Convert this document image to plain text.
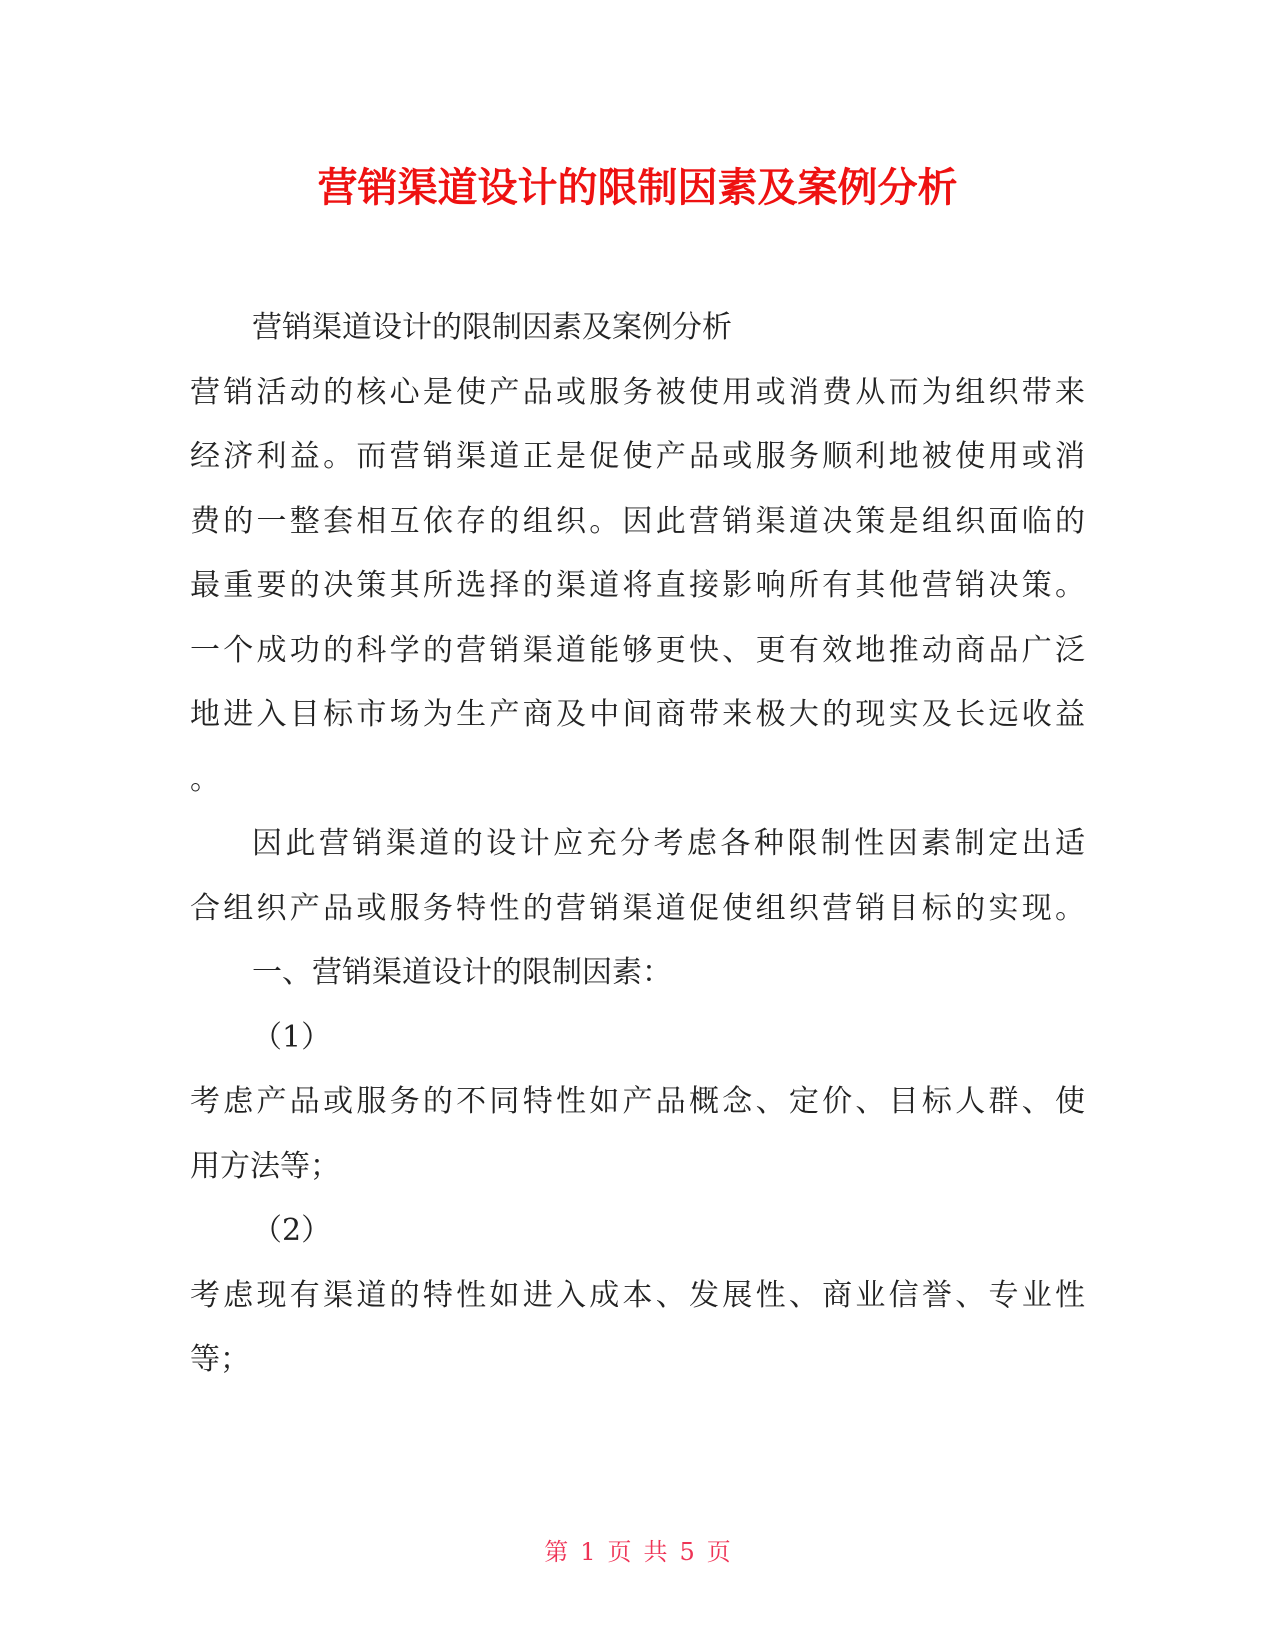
营销渠道设计的限制因素及案例分析
营销渠道设计的限制因素及案例分析
营销活动的核心是使产品或服务被使用或消费从而为组织带来
经济利益。而营销渠道正是促使产品或服务顺利地被使用或消
费的一整套相互依存的组织。因此营销渠道决策是组织面临的
最重要的决策其所选择的渠道将直接影响所有其他营销决策。
一个成功的科学的营销渠道能够更快、更有效地推动商品广泛
地进入目标市场为生产商及中间商带来极大的现实及长远收益
。
因此营销渠道的设计应充分考虑各种限制性因素制定出适
合组织产品或服务特性的营销渠道促使组织营销目标的实现。
一、营销渠道设计的限制因素：
（1）
考虑产品或服务的不同特性如产品概念、定价、目标人群、使
用方法等；
（2）
考虑现有渠道的特性如进入成本、发展性、商业信誉、专业性
等；
第 1 页 共 5 页
